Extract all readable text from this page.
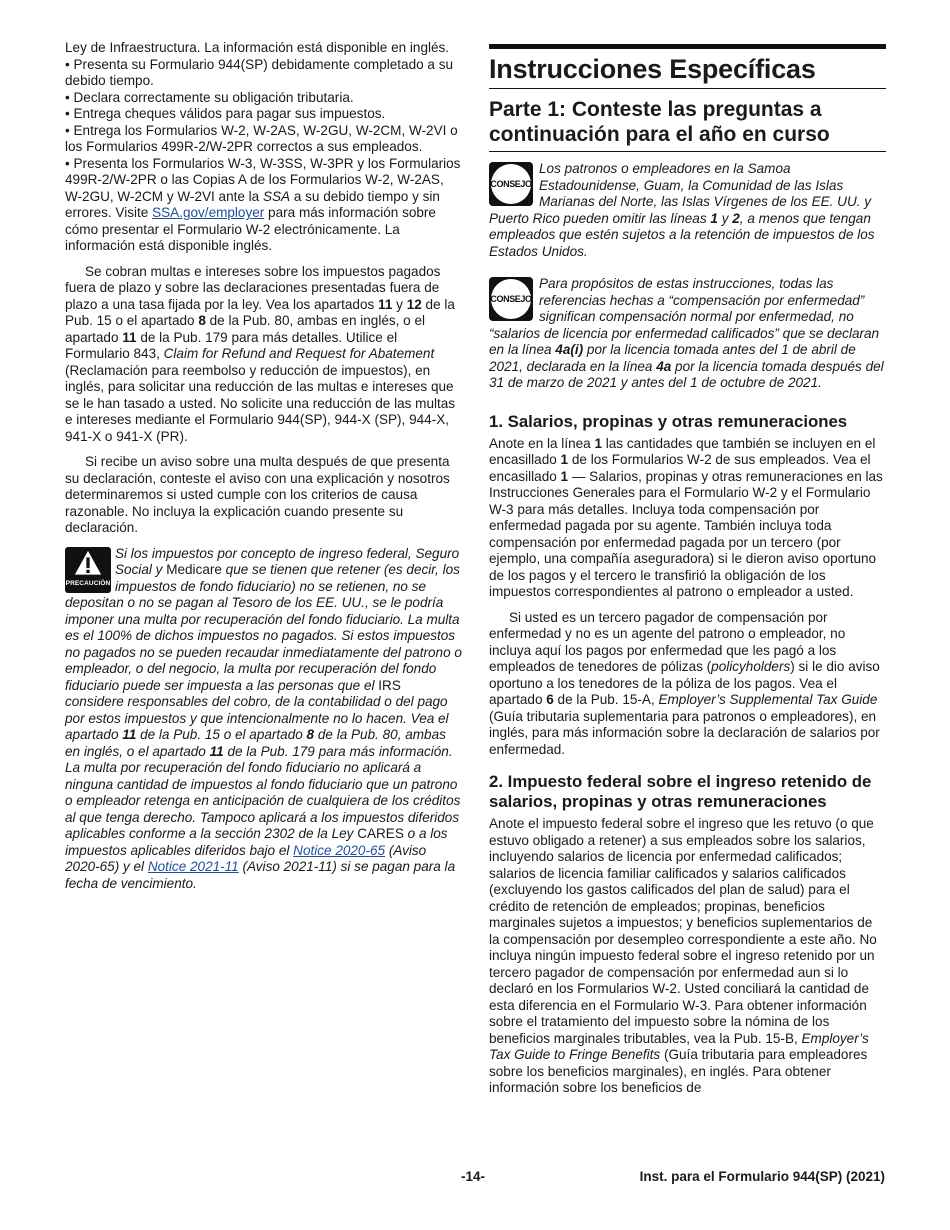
Ley de Infraestructura. La información está disponible en inglés.

• Presenta su Formulario 944(SP) debidamente completado a su debido tiempo.

• Declara correctamente su obligación tributaria.

• Entrega cheques válidos para pagar sus impuestos.

• Entrega los Formularios W-2, W-2AS, W-2GU, W-2CM, W-2VI o los Formularios 499R-2/W-2PR correctos a sus empleados.

• Presenta los Formularios W-3, W-3SS, W-3PR y los Formularios 499R-2/W-2PR o las Copias A de los Formularios W-2, W-2AS, W-2GU, W-2CM y W-2VI ante la SSA a su debido tiempo y sin errores. Visite SSA.gov/employer para más información sobre cómo presentar el Formulario W-2 electrónicamente. La información está disponible inglés.

Se cobran multas e intereses sobre los impuestos pagados fuera de plazo y sobre las declaraciones presentadas fuera de plazo a una tasa fijada por la ley. Vea los apartados 11 y 12 de la Pub. 15 o el apartado 8 de la Pub. 80, ambas en inglés, o el apartado 11 de la Pub. 179 para más detalles. Utilice el Formulario 843, Claim for Refund and Request for Abatement (Reclamación para reembolso y reducción de impuestos), en inglés, para solicitar una reducción de las multas e intereses que se le han tasado a usted. No solicite una reducción de las multas e intereses mediante el Formulario 944(SP), 944-X (SP), 944-X, 941-X o 941-X (PR).

Si recibe un aviso sobre una multa después de que presenta su declaración, conteste el aviso con una explicación y nosotros determinaremos si usted cumple con los criterios de causa razonable. No incluya la explicación cuando presente su declaración.

PRECAUCIÓN
Si los impuestos por concepto de ingreso federal, Seguro Social y Medicare que se tienen que retener (es decir, los impuestos de fondo fiduciario) no se retienen, no se depositan o no se pagan al Tesoro de los EE. UU., se le podría imponer una multa por recuperación del fondo fiduciario. La multa es el 100% de dichos impuestos no pagados. Si estos impuestos no pagados no se pueden recaudar inmediatamente del patrono o empleador, o del negocio, la multa por recuperación del fondo fiduciario puede ser impuesta a las personas que el IRS considere responsables del cobro, de la contabilidad o del pago por estos impuestos y que intencionalmente no lo hacen. Vea el apartado 11 de la Pub. 15 o el apartado 8 de la Pub. 80, ambas en inglés, o el apartado 11 de la Pub. 179 para más información. La multa por recuperación del fondo fiduciario no aplicará a ninguna cantidad de impuestos al fondo fiduciario que un patrono o empleador retenga en anticipación de cualquiera de los créditos al que tenga derecho. Tampoco aplicará a los impuestos diferidos aplicables conforme a la sección 2302 de la Ley CARES o a los impuestos aplicables diferidos bajo el Notice 2020-65 (Aviso 2020-65) y el Notice 2021-11 (Aviso 2021-11) si se pagan para la fecha de vencimiento.
Instrucciones Específicas
Parte 1: Conteste las preguntas a continuación para el año en curso
CONSEJO
Los patronos o empleadores en la Samoa Estadounidense, Guam, la Comunidad de las Islas Marianas del Norte, las Islas Vírgenes de los EE. UU. y Puerto Rico pueden omitir las líneas 1 y 2, a menos que tengan empleados que estén sujetos a la retención de impuestos de los Estados Unidos.
CONSEJO
Para propósitos de estas instrucciones, todas las referencias hechas a “compensación por enfermedad” significan compensación normal por enfermedad, no “salarios de licencia por enfermedad calificados” que se declaran en la línea 4a(i) por la licencia tomada antes del 1 de abril de 2021, declarada en la línea 4a por la licencia tomada después del 31 de marzo de 2021 y antes del 1 de octubre de 2021.
1. Salarios, propinas y otras remuneraciones

Anote en la línea 1 las cantidades que también se incluyen en el encasillado 1 de los Formularios W-2 de sus empleados. Vea el encasillado 1 — Salarios, propinas y otras remuneraciones en las Instrucciones Generales para el Formulario W-2 y el Formulario W-3 para más detalles. Incluya toda compensación por enfermedad pagada por su agente. También incluya toda compensación por enfermedad pagada por un tercero (por ejemplo, una compañía aseguradora) si le dieron aviso oportuno de los pagos y el tercero le transfirió la obligación de los impuestos correspondientes al patrono o empleador a usted.

Si usted es un tercero pagador de compensación por enfermedad y no es un agente del patrono o empleador, no incluya aquí los pagos por enfermedad que les pagó a los empleados de tenedores de pólizas (policyholders) si le dio aviso oportuno a los tenedores de la póliza de los pagos. Vea el apartado 6 de la Pub. 15-A, Employer’s Supplemental Tax Guide (Guía tributaria suplementaria para patronos o empleadores), en inglés, para más información sobre la declaración de salarios por enfermedad.

2. Impuesto federal sobre el ingreso retenido de salarios, propinas y otras remuneraciones

Anote el impuesto federal sobre el ingreso que les retuvo (o que estuvo obligado a retener) a sus empleados sobre los salarios, incluyendo salarios de licencia por enfermedad calificados; salarios de licencia familiar calificados y salarios calificados (excluyendo los gastos calificados del plan de salud) para el crédito de retención de empleados; propinas, beneficios marginales sujetos a impuestos; y beneficios suplementarios de la compensación por desempleo correspondiente a este año. No incluya ningún impuesto federal sobre el ingreso retenido por un tercero pagador de compensación por enfermedad aun si lo declaró en los Formularios W-2. Usted conciliará la cantidad de esta diferencia en el Formulario W-3. Para obtener información sobre el tratamiento del impuesto sobre la nómina de los beneficios marginales tributables, vea la Pub. 15-B, Employer’s Tax Guide to Fringe Benefits (Guía tributaria para empleadores sobre los beneficios marginales), en inglés. Para obtener información sobre los beneficios de

-14-	Inst. para el Formulario 944(SP) (2021)
